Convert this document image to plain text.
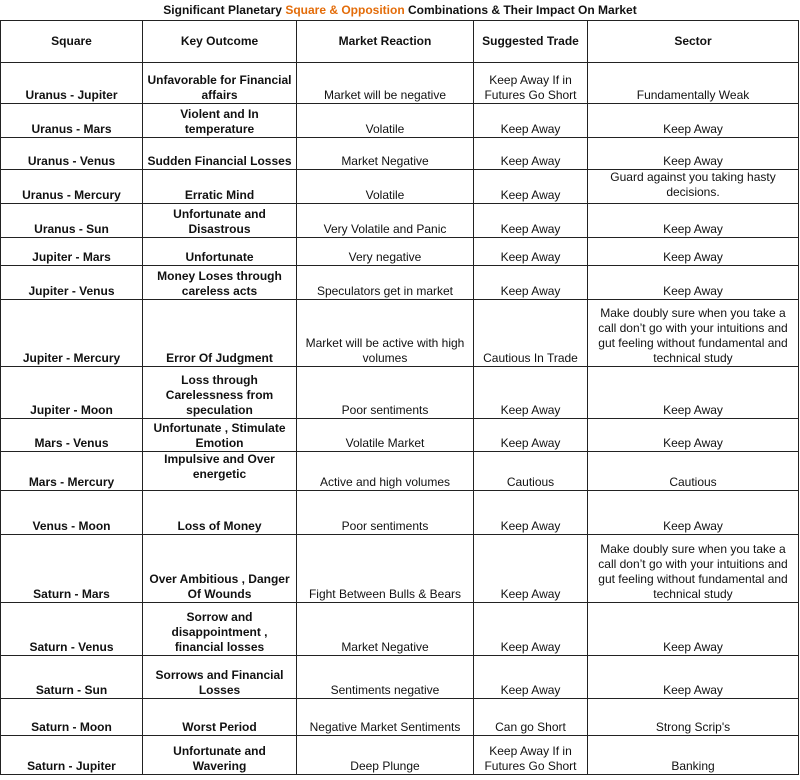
Significant Planetary Square & Opposition Combinations & Their Impact On Market
Square	Key Outcome	Market Reaction	Suggested Trade	Sector
Uranus - Jupiter	Unfavorable for Financial affairs	Market will be negative	Keep Away If in Futures Go Short	Fundamentally Weak
Uranus - Mars	Violent and In temperature	Volatile	Keep Away	Keep Away
Uranus - Venus	Sudden Financial Losses	Market Negative	Keep Away	Keep Away
Uranus - Mercury	Erratic Mind	Volatile	Keep Away	Guard against you taking hasty decisions.
Uranus - Sun	Unfortunate and Disastrous	Very Volatile and Panic	Keep Away	Keep Away
Jupiter - Mars	Unfortunate	Very negative	Keep Away	Keep Away
Jupiter - Venus	Money Loses through careless acts	Speculators get in market	Keep Away	Keep Away
Jupiter - Mercury	Error Of Judgment	Market will be active with high volumes	Cautious In Trade	Make doubly sure when you take a call don’t go with your intuitions and gut feeling without fundamental and technical study
Jupiter - Moon	Loss through Carelessness from speculation	Poor sentiments	Keep Away	Keep Away
Mars - Venus	Unfortunate , Stimulate Emotion	Volatile Market	Keep Away	Keep Away
Mars - Mercury	Impulsive and Over energetic	Active and high volumes	Cautious	Cautious
Venus - Moon	Loss of Money	Poor sentiments	Keep Away	Keep Away
Saturn - Mars	Over Ambitious , Danger Of Wounds	Fight Between Bulls & Bears	Keep Away	Make doubly sure when you take a call don’t go with your intuitions and gut feeling without fundamental and technical study
Saturn - Venus	Sorrow and disappointment , financial losses	Market Negative	Keep Away	Keep Away
Saturn - Sun	Sorrows and Financial Losses	Sentiments negative	Keep Away	Keep Away
Saturn - Moon	Worst Period	Negative Market Sentiments	Can go Short	Strong Scrip's
Saturn - Jupiter	Unfortunate and Wavering	Deep Plunge	Keep Away If in Futures Go Short	Banking
